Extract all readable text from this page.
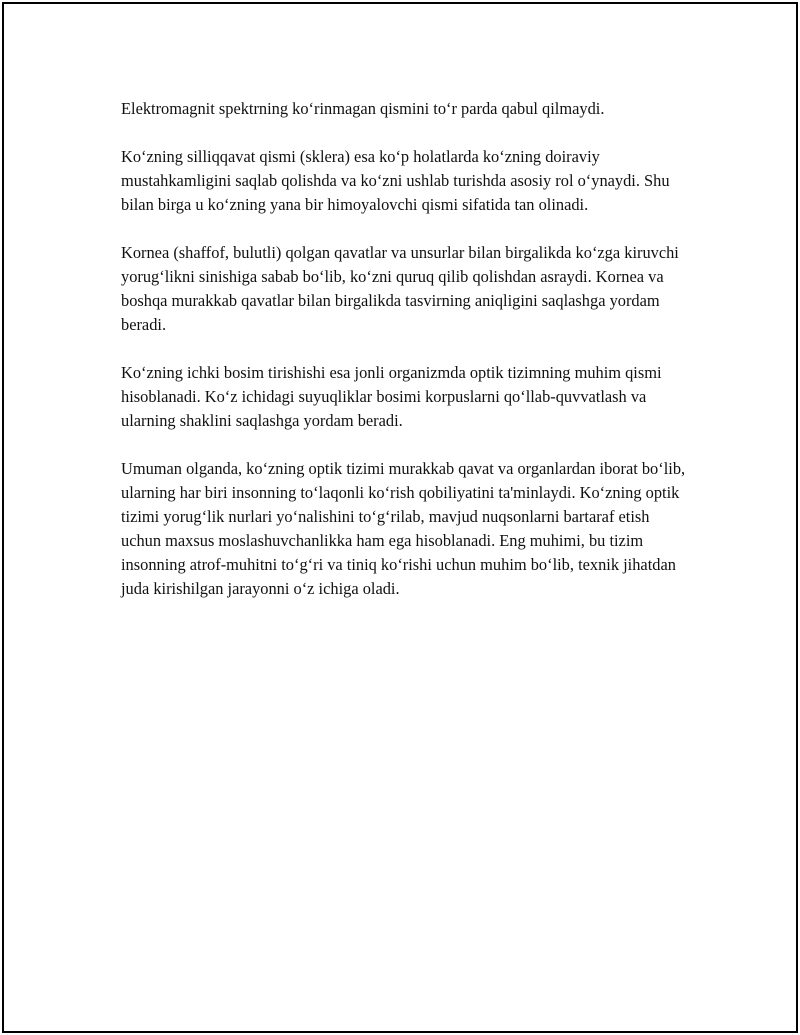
Elektromagnit spektrning ko‘rinmagan qismini to‘r parda qabul qilmaydi.

Ko‘zning silliqqavat qismi (sklera) esa ko‘p holatlarda ko‘zning doiraviy mustahkamligini saqlab qolishda va ko‘zni ushlab turishda asosiy rol o‘ynaydi. Shu bilan birga u ko‘zning yana bir himoyalovchi qismi sifatida tan olinadi.

Kornea (shaffof, bulutli) qolgan qavatlar va unsurlar bilan birgalikda ko‘zga kiruvchi yorug‘likni sinishiga sabab bo‘lib, ko‘zni quruq qilib qolishdan asraydi. Kornea va boshqa murakkab qavatlar bilan birgalikda tasvirning aniqligini saqlashga yordam beradi.

Ko‘zning ichki bosim tirishishi esa jonli organizmda optik tizimning muhim qismi hisoblanadi. Ko‘z ichidagi suyuqliklar bosimi korpuslarni qo‘llab-quvvatlash va ularning shaklini saqlashga yordam beradi.

Umuman olganda, ko‘zning optik tizimi murakkab qavat va organlardan iborat bo‘lib, ularning har biri insonning to‘laqonli ko‘rish qobiliyatini ta'minlaydi. Ko‘zning optik tizimi yorug‘lik nurlari yo‘nalishini to‘g‘rilab, mavjud nuqsonlarni bartaraf etish uchun maxsus moslashuvchanlikka ham ega hisoblanadi. Eng muhimi, bu tizim insonning atrof-muhitni to‘g‘ri va tiniq ko‘rishi uchun muhim bo‘lib, texnik jihatdan juda kirishilgan jarayonni o‘z ichiga oladi.
